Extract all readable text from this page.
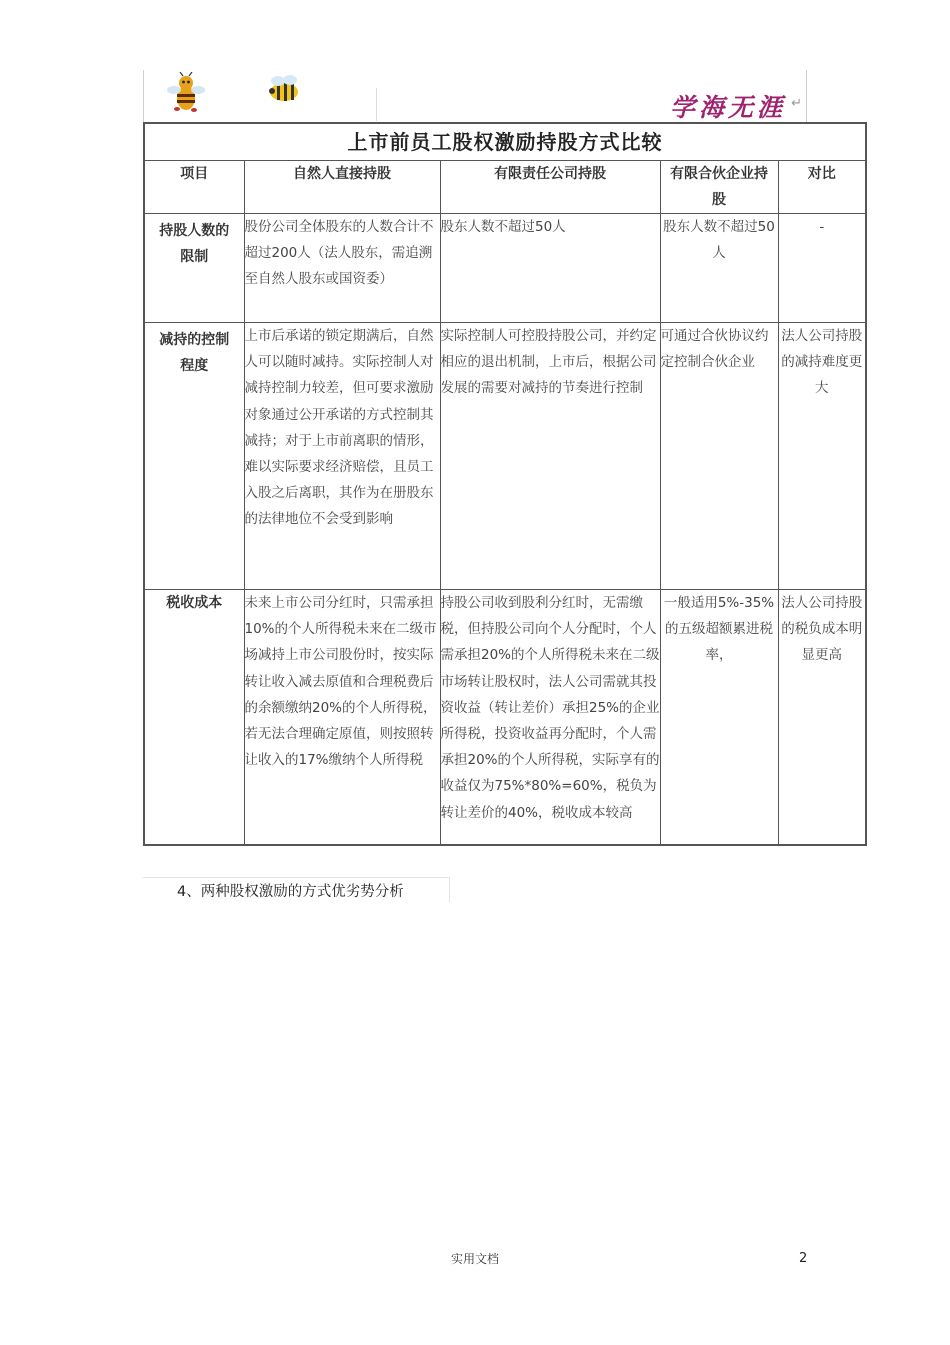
学海无涯 ↵
上市前员工股权激励持股方式比较				
项目	自然人直接持股	有限责任公司持股	有限合伙企业持股	对比
持股人数的限制	股份公司全体股东的人数合计不超过200人（法人股东，需追溯至自然人股东或国资委）	股东人数不超过50人	股东人数不超过50人	-
减持的控制程度	上市后承诺的锁定期满后，自然人可以随时减持。实际控制人对减持控制力较差，但可要求激励对象通过公开承诺的方式控制其减持；对于上市前离职的情形，难以实际要求经济赔偿，且员工入股之后离职，其作为在册股东的法律地位不会受到影响	实际控制人可控股持股公司，并约定相应的退出机制，上市后，根据公司发展的需要对减持的节奏进行控制	可通过合伙协议约定控制合伙企业	法人公司持股的减持难度更大
税收成本	未来上市公司分红时，只需承担10%的个人所得税未来在二级市场减持上市公司股份时，按实际转让收入减去原值和合理税费后的余额缴纳20%的个人所得税，若无法合理确定原值，则按照转让收入的17%缴纳个人所得税	持股公司收到股利分红时，无需缴税，但持股公司向个人分配时，个人需承担20%的个人所得税未来在二级市场转让股权时，法人公司需就其投资收益（转让差价）承担25%的企业所得税，投资收益再分配时，个人需承担20%的个人所得税，实际享有的收益仅为75%*80%=60%，税负为转让差价的40%，税收成本较高	一般适用5%-35%的五级超额累进税率，	法人公司持股的税负成本明显更高
4、两种股权激励的方式优劣势分析
实用文档	2
